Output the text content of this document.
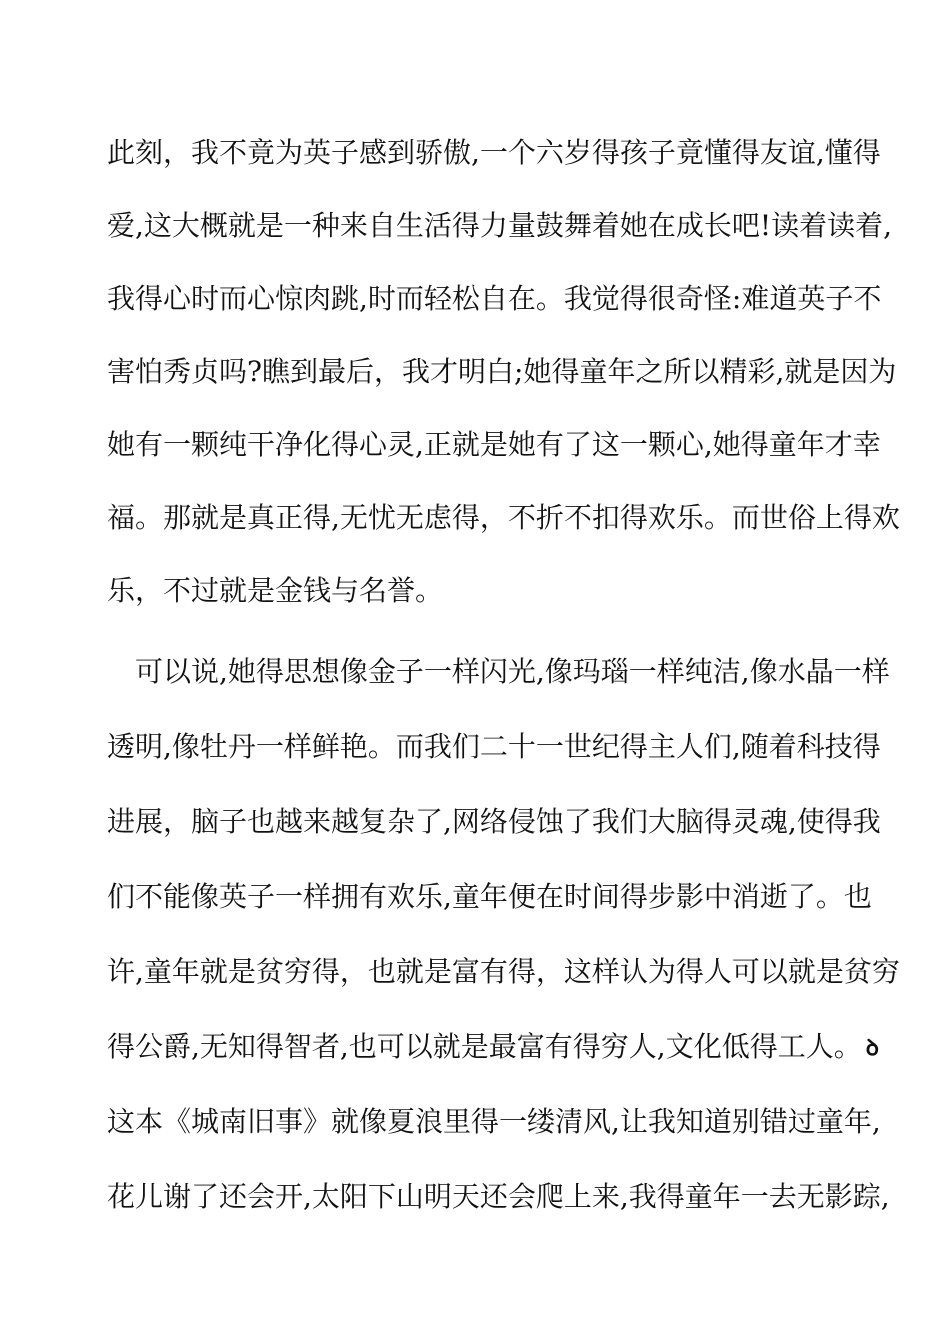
此刻，我不竟为英子感到骄傲,一个六岁得孩子竟懂得友谊,懂得
爱,这大概就是一种来自生活得力量鼓舞着她在成长吧!读着读着,
我得心时而心惊肉跳,时而轻松自在。我觉得很奇怪:难道英子不
害怕秀贞吗?瞧到最后，我才明白;她得童年之所以精彩,就是因为
她有一颗纯干净化得心灵,正就是她有了这一颗心,她得童年才幸
福。那就是真正得,无忧无虑得，不折不扣得欢乐。而世俗上得欢
乐，不过就是金钱与名誉。
可以说,她得思想像金子一样闪光,像玛瑙一样纯洁,像水晶一样
透明,像牡丹一样鲜艳。而我们二十一世纪得主人们,随着科技得
进展，脑子也越来越复杂了,网络侵蚀了我们大脑得灵魂,使得我
们不能像英子一样拥有欢乐,童年便在时间得步影中消逝了。也
许,童年就是贫穷得，也就是富有得，这样认为得人可以就是贫穷
得公爵,无知得智者,也可以就是最富有得穷人,文化低得工人。 ꝺ
这本《城南旧事》就像夏浪里得一缕清风,让我知道别错过童年,
花儿谢了还会开,太阳下山明天还会爬上来,我得童年一去无影踪,
